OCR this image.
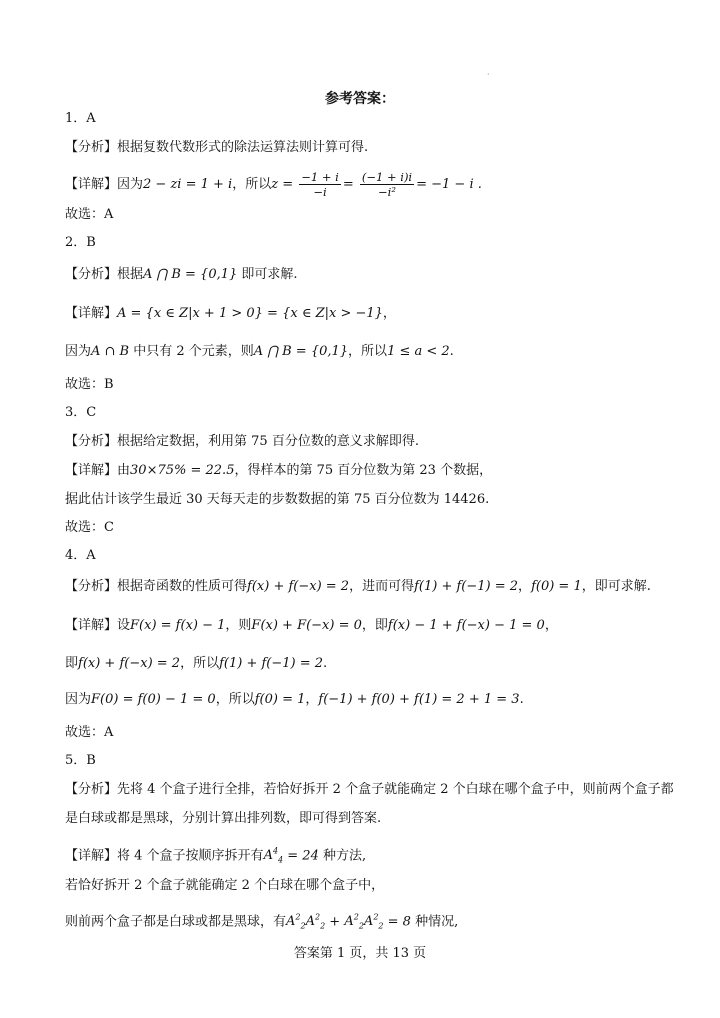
·
参考答案：
1．A
【分析】根据复数代数形式的除法运算法则计算可得.
【详解】因为2 − zi = 1 + i，所以$z = \frac{-1 + i}{-i} = \frac{(-1 + i)i}{\text{−i²}} = -1 - i$ .
故选：A
2．B
【分析】根据A ⋂ B = {0,1} 即可求解.
【详解】A = {x ∈ Z|x + 1 > 0} = {x ∈ Z|x > −1}，
因为A ∩ B 中只有 2 个元素，则A ⋂ B = {0,1}，所以1 ≤ a < 2.
故选：B
3．C
【分析】根据给定数据，利用第 75 百分位数的意义求解即得.
【详解】由30×75% = 22.5，得样本的第 75 百分位数为第 23 个数据，
据此估计该学生最近 30 天每天走的步数数据的第 75 百分位数为 14426.
故选：C
4．A
【分析】根据奇函数的性质可得f(x) + f(−x) = 2，进而可得f(1) + f(−1) = 2，f(0) = 1，即可求解.
【详解】设F(x) = f(x) − 1，则F(x) + F(−x) = 0，即f(x) − 1 + f(−x) − 1 = 0，
即f(x) + f(−x) = 2，所以f(1) + f(−1) = 2.
因为F(0) = f(0) − 1 = 0，所以f(0) = 1，f(−1) + f(0) + f(1) = 2 + 1 = 3.
故选：A
5．B
【分析】先将 4 个盒子进行全排，若恰好拆开 2 个盒子就能确定 2 个白球在哪个盒子中，则前两个盒子都
是白球或都是黑球，分别计算出排列数，即可得到答案.
【详解】将 4 个盒子按顺序拆开有$A^4_4 = 24$ 种方法,
若恰好拆开 2 个盒子就能确定 2 个白球在哪个盒子中，
则前两个盒子都是白球或都是黑球，有$A^2_2A^2_2 + A^2_2A^2_2 = 8$ 种情况,
答案第 1 页，共 13 页
